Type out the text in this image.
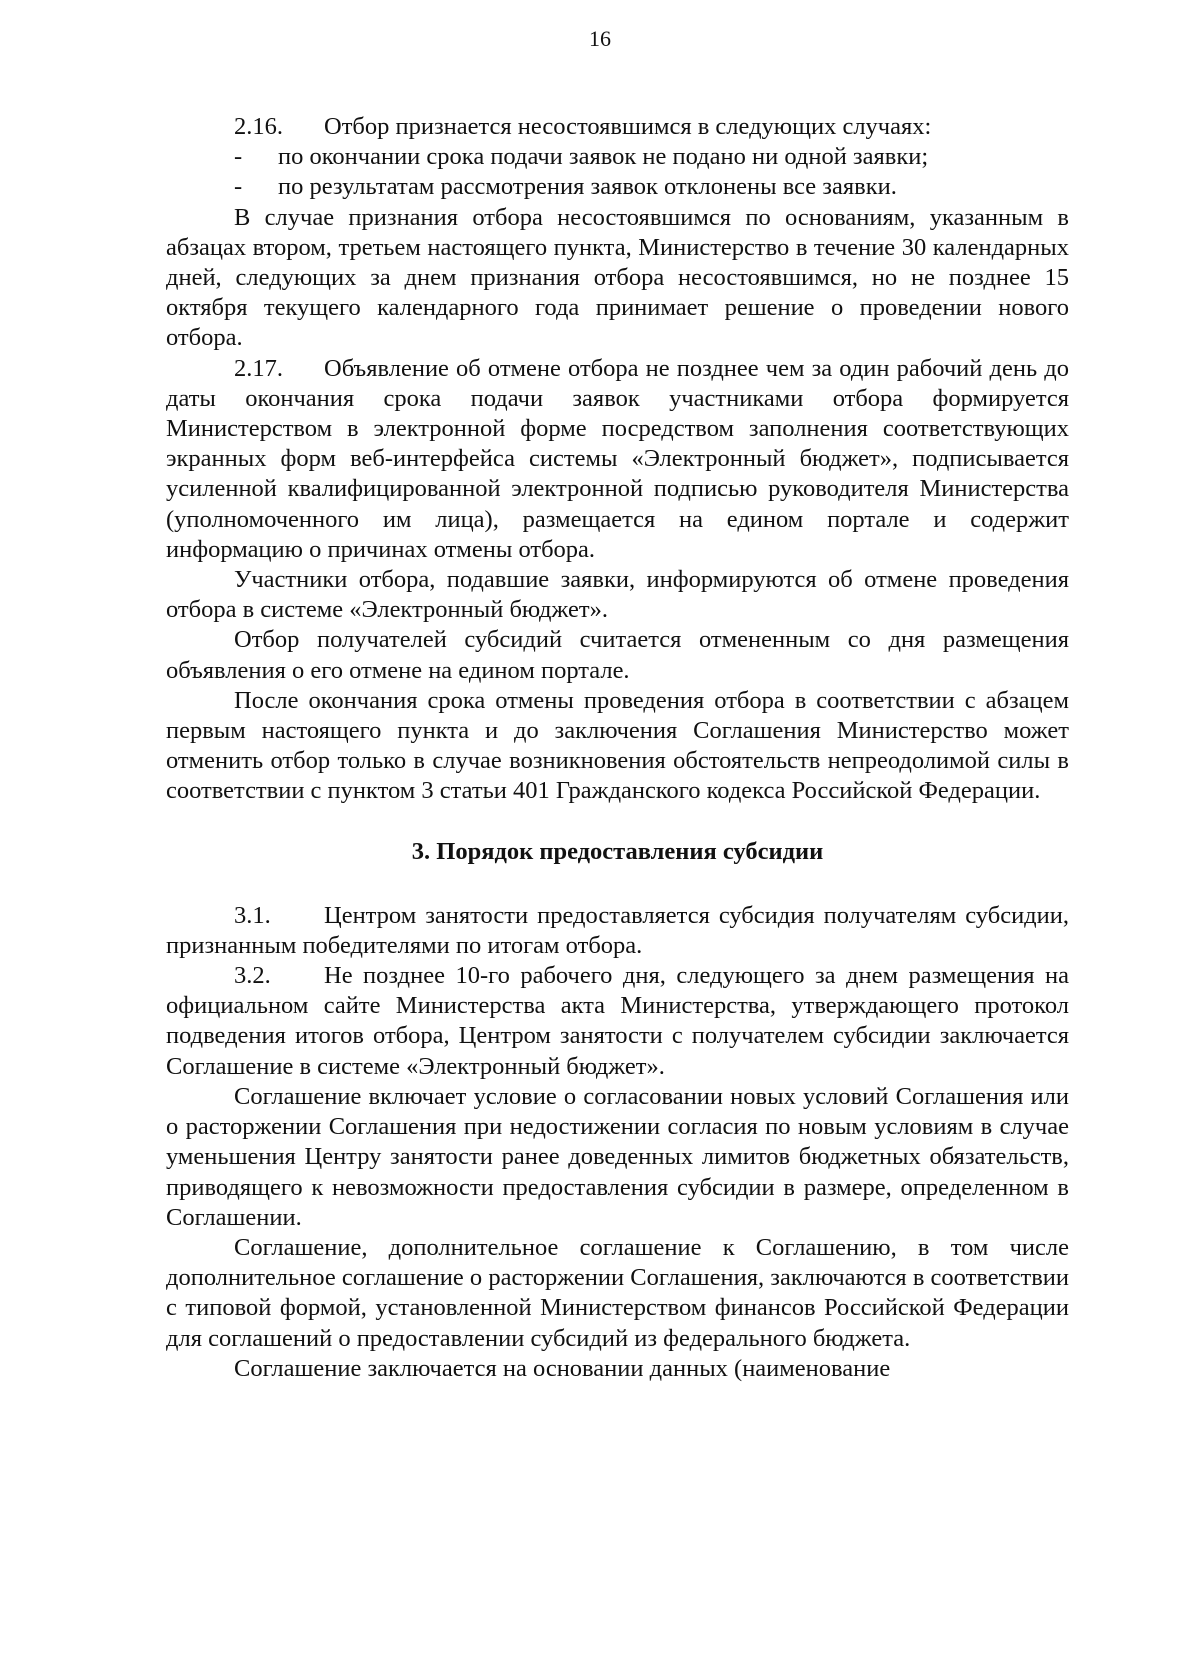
16

2.16. Отбор признается несостоявшимся в следующих случаях:

- по окончании срока подачи заявок не подано ни одной заявки;

- по результатам рассмотрения заявок отклонены все заявки.

В случае признания отбора несостоявшимся по основаниям, указанным в абзацах втором, третьем настоящего пункта, Министерство в течение 30 календарных дней, следующих за днем признания отбора несостоявшимся, но не позднее 15 октября текущего календарного года принимает решение о проведении нового отбора.

2.17. Объявление об отмене отбора не позднее чем за один рабочий день до даты окончания срока подачи заявок участниками отбора формируется Министерством в электронной форме посредством заполнения соответствующих экранных форм веб-интерфейса системы «Электронный бюджет», подписывается усиленной квалифицированной электронной подписью руководителя Министерства (уполномоченного им лица), размещается на едином портале и содержит информацию о причинах отмены отбора.

Участники отбора, подавшие заявки, информируются об отмене проведения отбора в системе «Электронный бюджет».

Отбор получателей субсидий считается отмененным со дня размещения объявления о его отмене на едином портале.

После окончания срока отмены проведения отбора в соответствии с абзацем первым настоящего пункта и до заключения Соглашения Министерство может отменить отбор только в случае возникновения обстоятельств непреодолимой силы в соответствии с пунктом 3 статьи 401 Гражданского кодекса Российской Федерации.

3. Порядок предоставления субсидии

3.1. Центром занятости предоставляется субсидия получателям субсидии, признанным победителями по итогам отбора.

3.2. Не позднее 10-го рабочего дня, следующего за днем размещения на официальном сайте Министерства акта Министерства, утверждающего протокол подведения итогов отбора, Центром занятости с получателем субсидии заключается Соглашение в системе «Электронный бюджет».

Соглашение включает условие о согласовании новых условий Соглашения или о расторжении Соглашения при недостижении согласия по новым условиям в случае уменьшения Центру занятости ранее доведенных лимитов бюджетных обязательств, приводящего к невозможности предоставления субсидии в размере, определенном в Соглашении.

Соглашение, дополнительное соглашение к Соглашению, в том числе дополнительное соглашение о расторжении Соглашения, заключаются в соответствии с типовой формой, установленной Министерством финансов Российской Федерации для соглашений о предоставлении субсидий из федерального бюджета.

Соглашение заключается на основании данных (наименование
